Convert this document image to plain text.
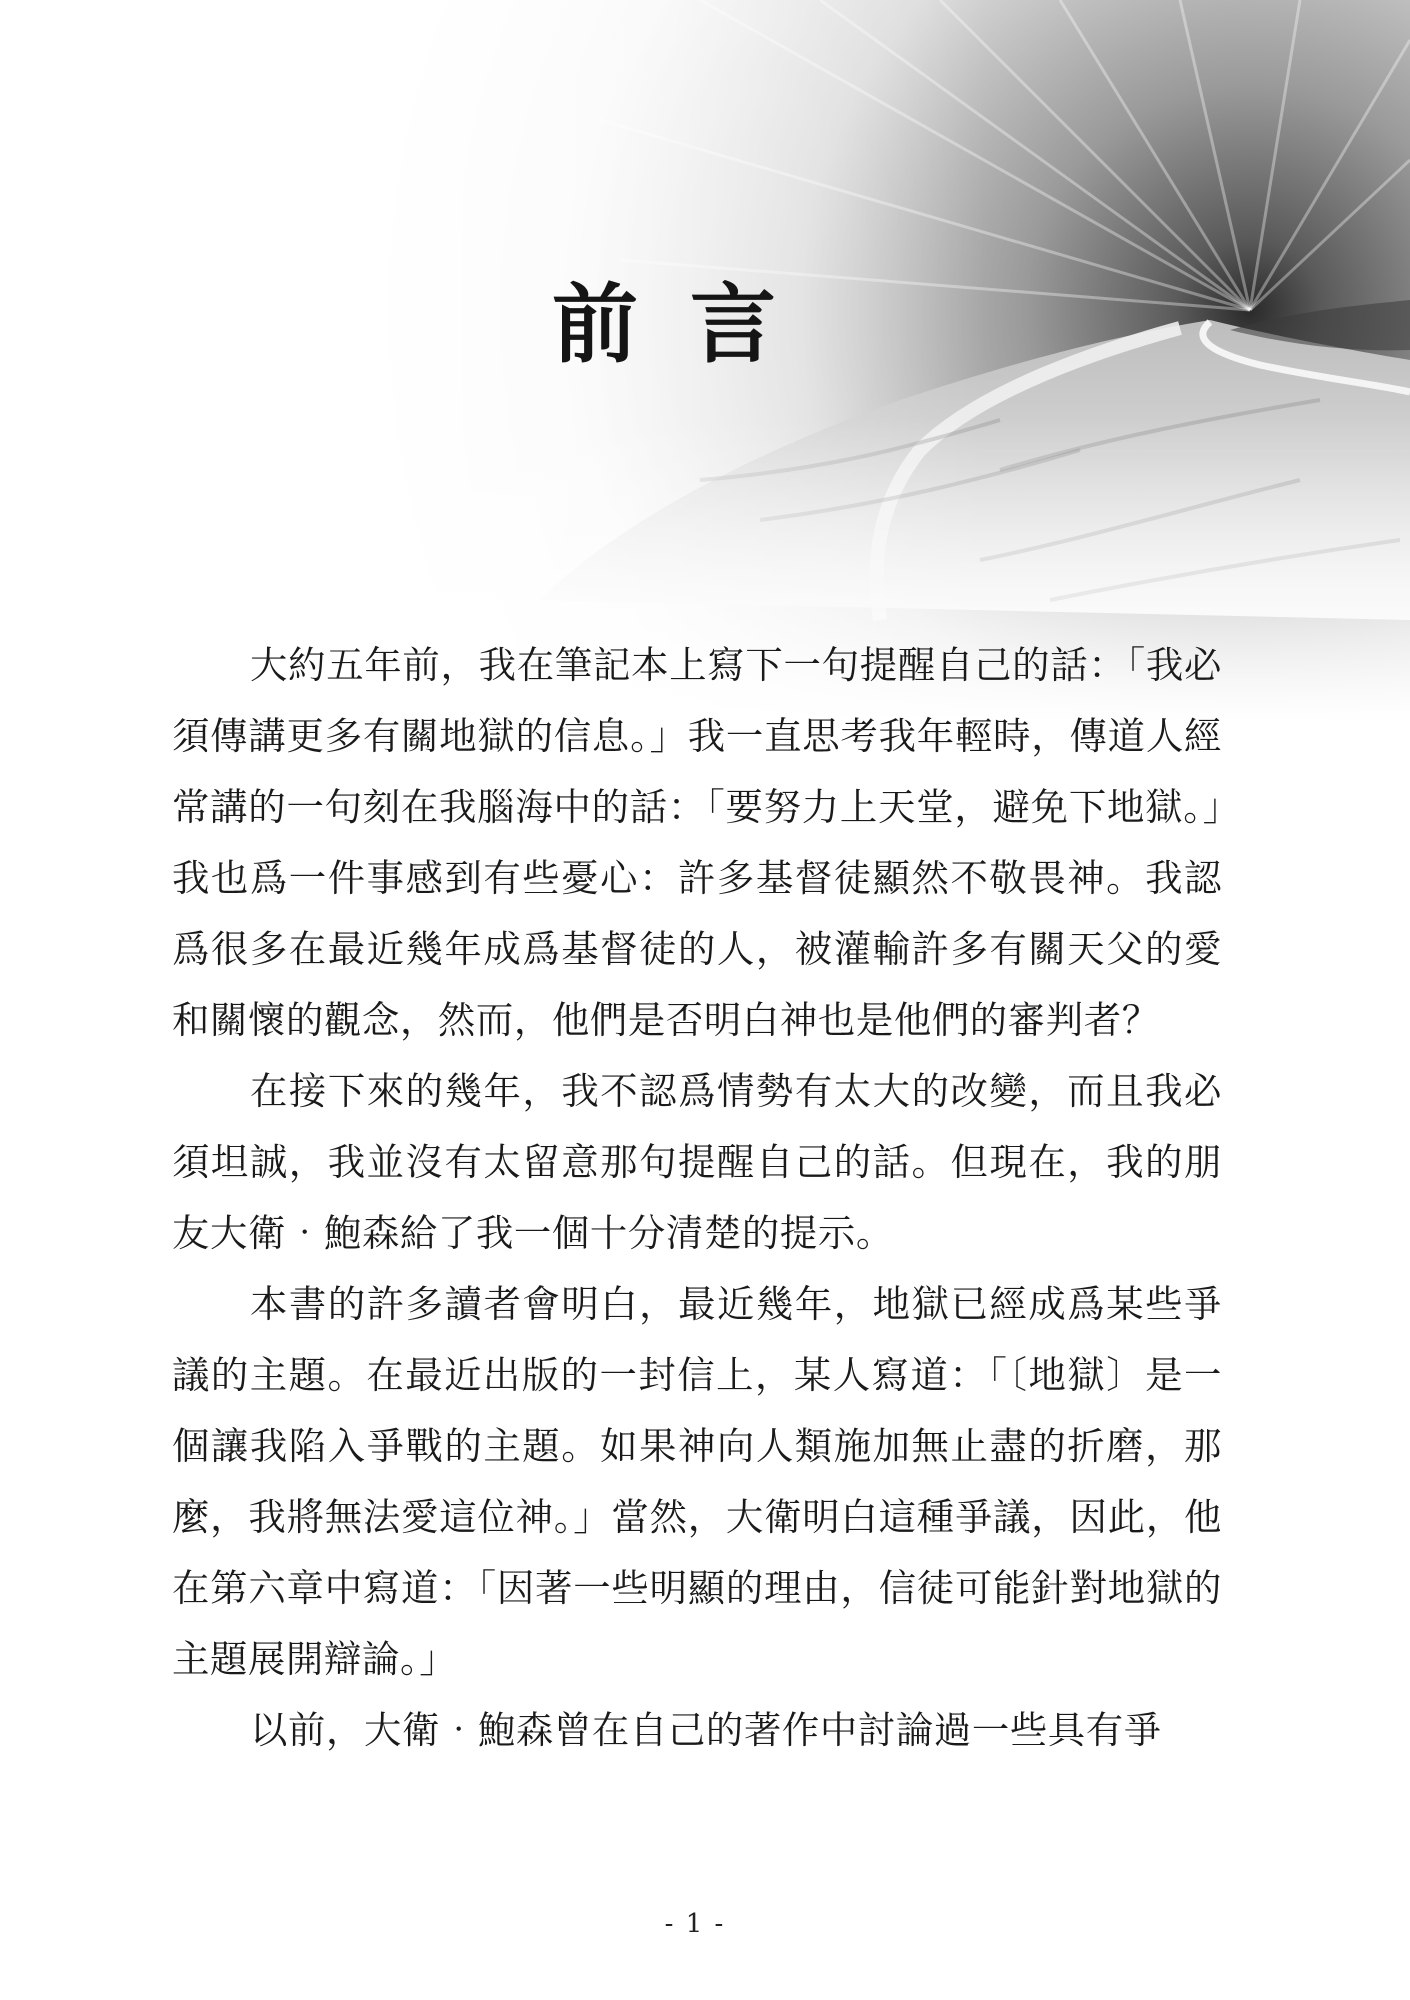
前言

大約五年前，我在筆記本上寫下一句提醒自己的話：「我必須傳講更多有關地獄的信息。」我一直思考我年輕時，傳道人經常講的一句刻在我腦海中的話：「要努力上天堂，避免下地獄。」我也爲一件事感到有些憂心：許多基督徒顯然不敬畏神。我認爲很多在最近幾年成爲基督徒的人，被灌輸許多有關天父的愛和關懷的觀念，然而，他們是否明白神也是他們的審判者？

在接下來的幾年，我不認爲情勢有太大的改變，而且我必須坦誠，我並沒有太留意那句提醒自己的話。但現在，我的朋友大衛‧鮑森給了我一個十分清楚的提示。

本書的許多讀者會明白，最近幾年，地獄已經成爲某些爭議的主題。在最近出版的一封信上，某人寫道：「〔地獄〕是一個讓我陷入爭戰的主題。如果神向人類施加無止盡的折磨，那麼，我將無法愛這位神。」當然，大衛明白這種爭議，因此，他在第六章中寫道：「因著一些明顯的理由，信徒可能針對地獄的主題展開辯論。」

以前，大衛‧鮑森曾在自己的著作中討論過一些具有爭

- 1 -
